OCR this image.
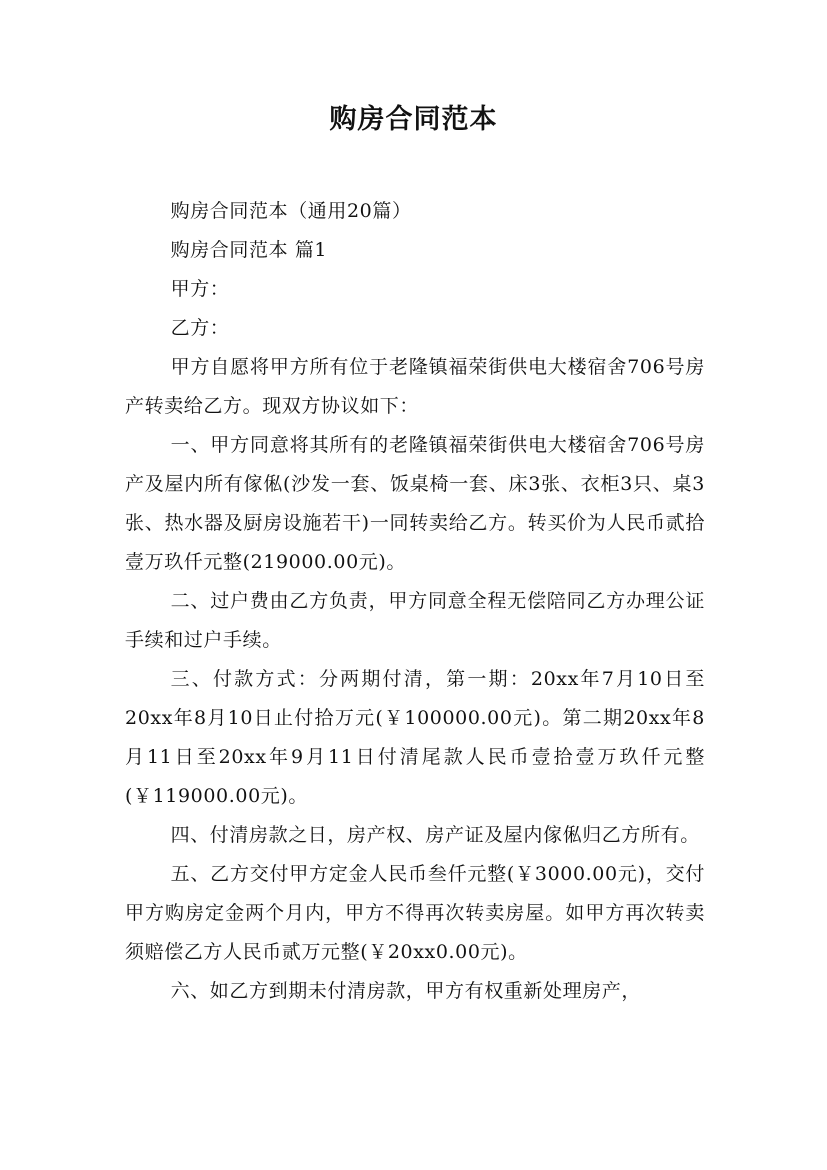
购房合同范本

购房合同范本（通用20篇）

购房合同范本 篇1

甲方：

乙方：

甲方自愿将甲方所有位于老隆镇福荣街供电大楼宿舍706号房产转卖给乙方。现双方协议如下：

一、甲方同意将其所有的老隆镇福荣街供电大楼宿舍706号房产及屋内所有傢俬(沙发一套、饭桌椅一套、床3张、衣柜3只、桌3张、热水器及厨房设施若干)一同转卖给乙方。转买价为人民币贰拾壹万玖仟元整(219000.00元)。

二、过户费由乙方负责，甲方同意全程无偿陪同乙方办理公证手续和过户手续。

三、付款方式：分两期付清，第一期：20xx年7月10日至20xx年8月10日止付拾万元(￥100000.00元)。第二期20xx年8月11日至20xx年9月11日付清尾款人民币壹拾壹万玖仟元整(￥119000.00元)。

四、付清房款之日，房产权、房产证及屋内傢俬归乙方所有。

五、乙方交付甲方定金人民币叁仟元整(￥3000.00元)，交付甲方购房定金两个月内，甲方不得再次转卖房屋。如甲方再次转卖须赔偿乙方人民币贰万元整(￥20xx0.00元)。

六、如乙方到期未付清房款，甲方有权重新处理房产，
